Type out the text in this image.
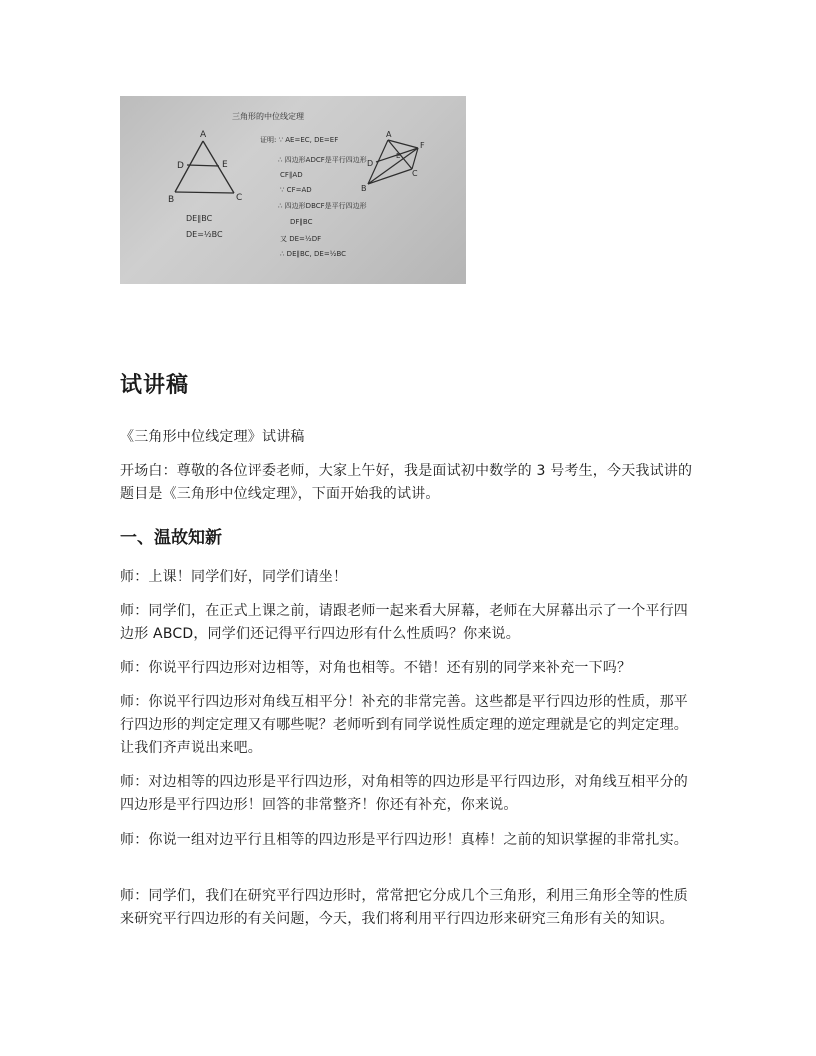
A
D	E
B	C
DE∥BC
DE=½BC
三角形的中位线定理
证明: ∵ AE=EC, DE=EF
∴ 四边形ADCF是平行四边形
CF∥AD
∵ CF=AD
∴ 四边形DBCF是平行四边形
DF∥BC
又 DE=½DF
∴ DE∥BC, DE=½BC
A
D
E
F
B
C
试讲稿
《三角形中位线定理》试讲稿
开场白：尊敬的各位评委老师，大家上午好，我是面试初中数学的 3 号考生，今天我试讲的题目是《三角形中位线定理》，下面开始我的试讲。
一、温故知新
师：上课！同学们好，同学们请坐！
师：同学们，在正式上课之前，请跟老师一起来看大屏幕，老师在大屏幕出示了一个平行四边形 ABCD，同学们还记得平行四边形有什么性质吗？你来说。
师：你说平行四边形对边相等，对角也相等。不错！还有别的同学来补充一下吗？
师：你说平行四边形对角线互相平分！补充的非常完善。这些都是平行四边形的性质，那平行四边形的判定定理又有哪些呢？老师听到有同学说性质定理的逆定理就是它的判定定理。让我们齐声说出来吧。
师：对边相等的四边形是平行四边形，对角相等的四边形是平行四边形，对角线互相平分的四边形是平行四边形！回答的非常整齐！你还有补充，你来说。
师：你说一组对边平行且相等的四边形是平行四边形！真棒！之前的知识掌握的非常扎实。
师：同学们，我们在研究平行四边形时，常常把它分成几个三角形，利用三角形全等的性质来研究平行四边形的有关问题，今天，我们将利用平行四边形来研究三角形有关的知识。
